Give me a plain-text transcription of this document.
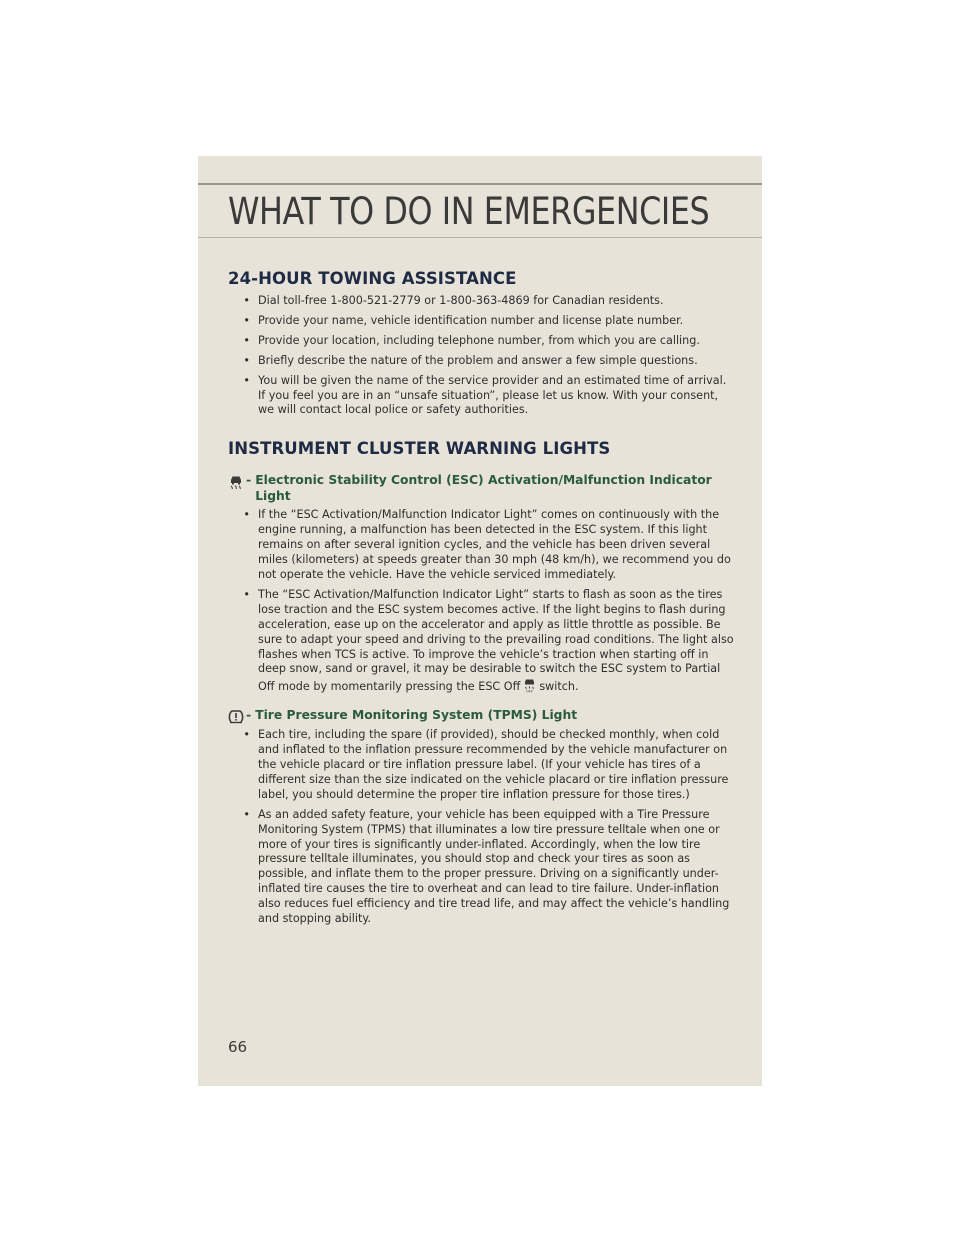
WHAT TO DO IN EMERGENCIES
24-HOUR TOWING ASSISTANCE
• Dial toll-free 1-800-521-2779 or 1-800-363-4869 for Canadian residents.
• Provide your name, vehicle identification number and license plate number.
• Provide your location, including telephone number, from which you are calling.
• Briefly describe the nature of the problem and answer a few simple questions.
• You will be given the name of the service provider and an estimated time of arrival. If you feel you are in an “unsafe situation”, please let us know. With your consent, we will contact local police or safety authorities.
INSTRUMENT CLUSTER WARNING LIGHTS
- Electronic Stability Control (ESC) Activation/Malfunction Indicator Light
• If the “ESC Activation/Malfunction Indicator Light” comes on continuously with the engine running, a malfunction has been detected in the ESC system. If this light remains on after several ignition cycles, and the vehicle has been driven several miles (kilometers) at speeds greater than 30 mph (48 km/h), we recommend you do not operate the vehicle. Have the vehicle serviced immediately.
• The “ESC Activation/Malfunction Indicator Light” starts to flash as soon as the tires lose traction and the ESC system becomes active. If the light begins to flash during acceleration, ease up on the accelerator and apply as little throttle as possible. Be sure to adapt your speed and driving to the prevailing road conditions. The light also flashes when TCS is active. To improve the vehicle’s traction when starting off in deep snow, sand or gravel, it may be desirable to switch the ESC system to Partial Off mode by momentarily pressing the ESC Off OFF switch.
- Tire Pressure Monitoring System (TPMS) Light
• Each tire, including the spare (if provided), should be checked monthly, when cold and inflated to the inflation pressure recommended by the vehicle manufacturer on the vehicle placard or tire inflation pressure label. (If your vehicle has tires of a different size than the size indicated on the vehicle placard or tire inflation pressure label, you should determine the proper tire inflation pressure for those tires.)
• As an added safety feature, your vehicle has been equipped with a Tire Pressure Monitoring System (TPMS) that illuminates a low tire pressure telltale when one or more of your tires is significantly under-inflated. Accordingly, when the low tire pressure telltale illuminates, you should stop and check your tires as soon as possible, and inflate them to the proper pressure. Driving on a significantly under-inflated tire causes the tire to overheat and can lead to tire failure. Under-inflation also reduces fuel efficiency and tire tread life, and may affect the vehicle’s handling and stopping ability.
66
